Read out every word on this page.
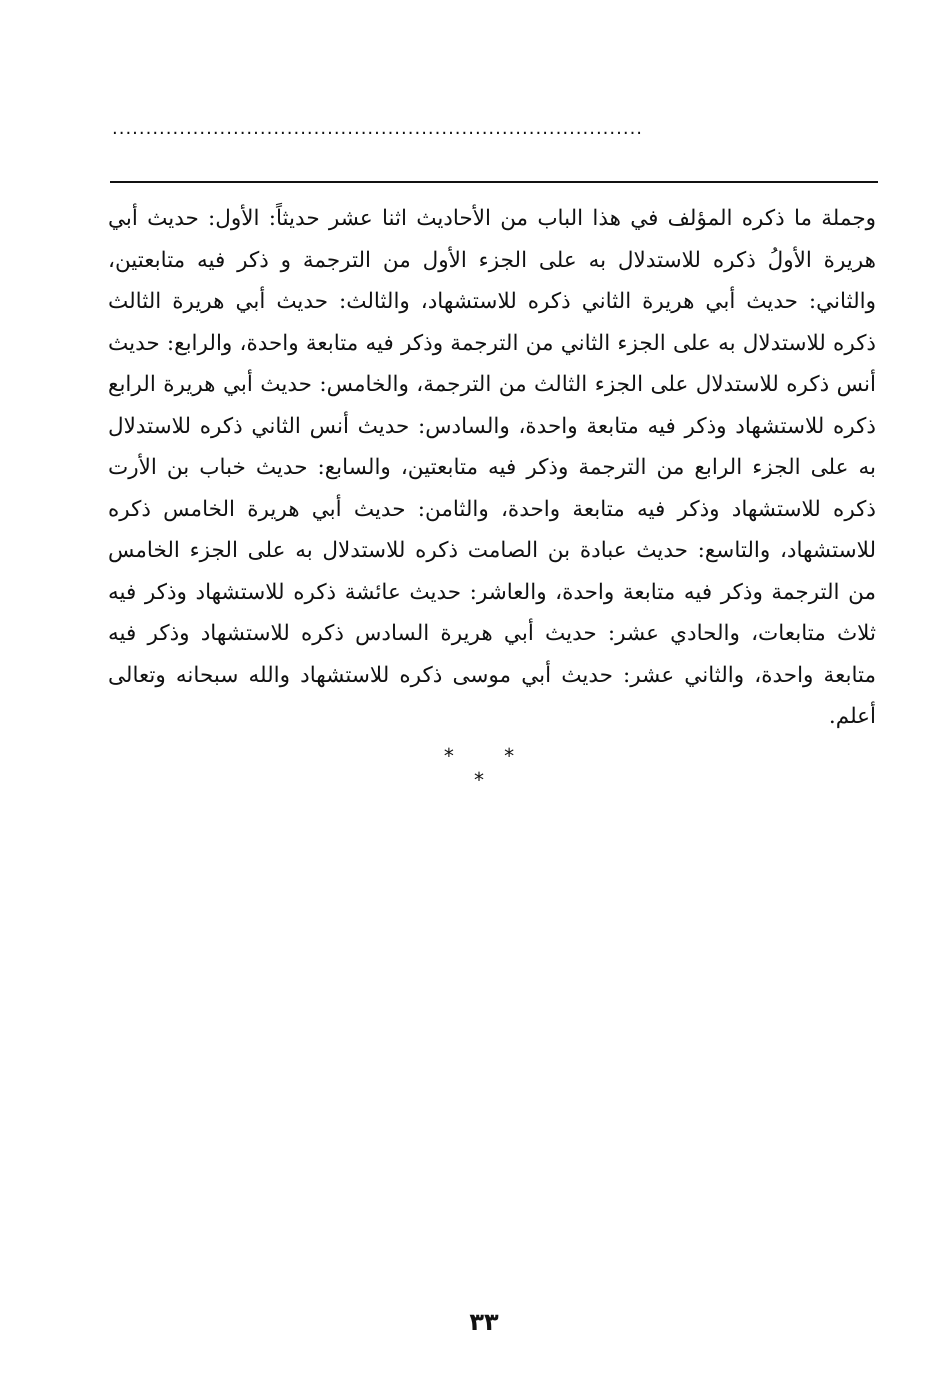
...............................................................................

وجملة ما ذكره المؤلف في هذا الباب من الأحاديث اثنا عشر حديثاً: الأول: حديث أبي هريرة الأولُ ذكره للاستدلال به على الجزء الأول من الترجمة و ذكر فيه متابعتين، والثاني: حديث أبي هريرة الثاني ذكره للاستشهاد، والثالث: حديث أبي هريرة الثالث ذكره للاستدلال به على الجزء الثاني من الترجمة وذكر فيه متابعة واحدة، والرابع: حديث أنس ذكره للاستدلال على الجزء الثالث من الترجمة، والخامس: حديث أبي هريرة الرابع ذكره للاستشهاد وذكر فيه متابعة واحدة، والسادس: حديث أنس الثاني ذكره للاستدلال به على الجزء الرابع من الترجمة وذكر فيه متابعتين، والسابع: حديث خباب بن الأرت ذكره للاستشهاد وذكر فيه متابعة واحدة، والثامن: حديث أبي هريرة الخامس ذكره للاستشهاد، والتاسع: حديث عبادة بن الصامت ذكره للاستدلال به على الجزء الخامس من الترجمة وذكر فيه متابعة واحدة، والعاشر: حديث عائشة ذكره للاستشهاد وذكر فيه ثلاث متابعات، والحادي عشر: حديث أبي هريرة السادس ذكره للاستشهاد وذكر فيه متابعة واحدة، والثاني عشر: حديث أبي موسى ذكره للاستشهاد والله سبحانه وتعالى أعلم.

* * *
٣٣
